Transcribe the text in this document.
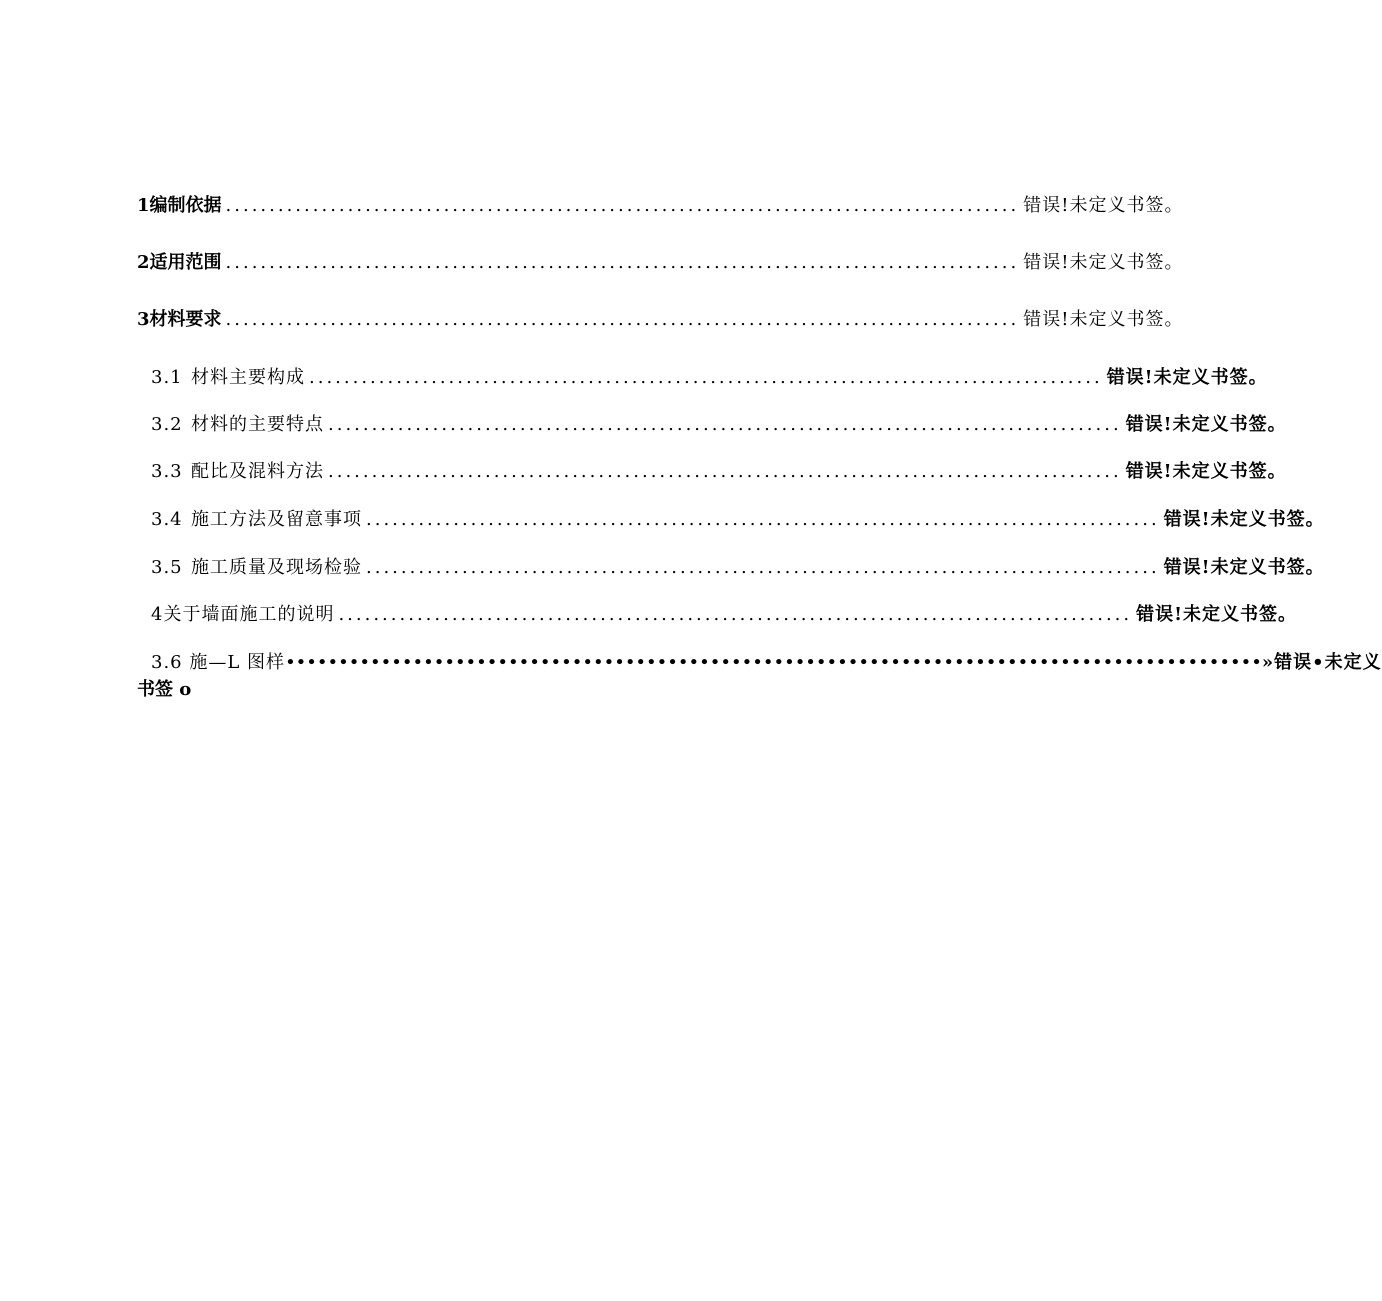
1编制依据 ........................................................................................... 错误!未定义书签。
2适用范围 ........................................................................................... 错误!未定义书签。
3材料要求 ........................................................................................... 错误!未定义书签。
3.1 材料主要构成 ........................................................................................... 错误!未定义书签。
3.2 材料的主要特点 ........................................................................................... 错误!未定义书签。
3.3 配比及混料方法 ........................................................................................... 错误!未定义书签。
3.4 施工方法及留意事项 ........................................................................................... 错误!未定义书签。
3.5 施工质量及现场检验 ........................................................................................... 错误!未定义书签。
4关于墙面施工的说明 ........................................................................................... 错误!未定义书签。
3.6 施—L 图样 •••••••••••••••••••••••••••••••••••••••••••••••••••••••••••••••••••••••••••••••••••••••••••• »错误•未定义
书签 o
